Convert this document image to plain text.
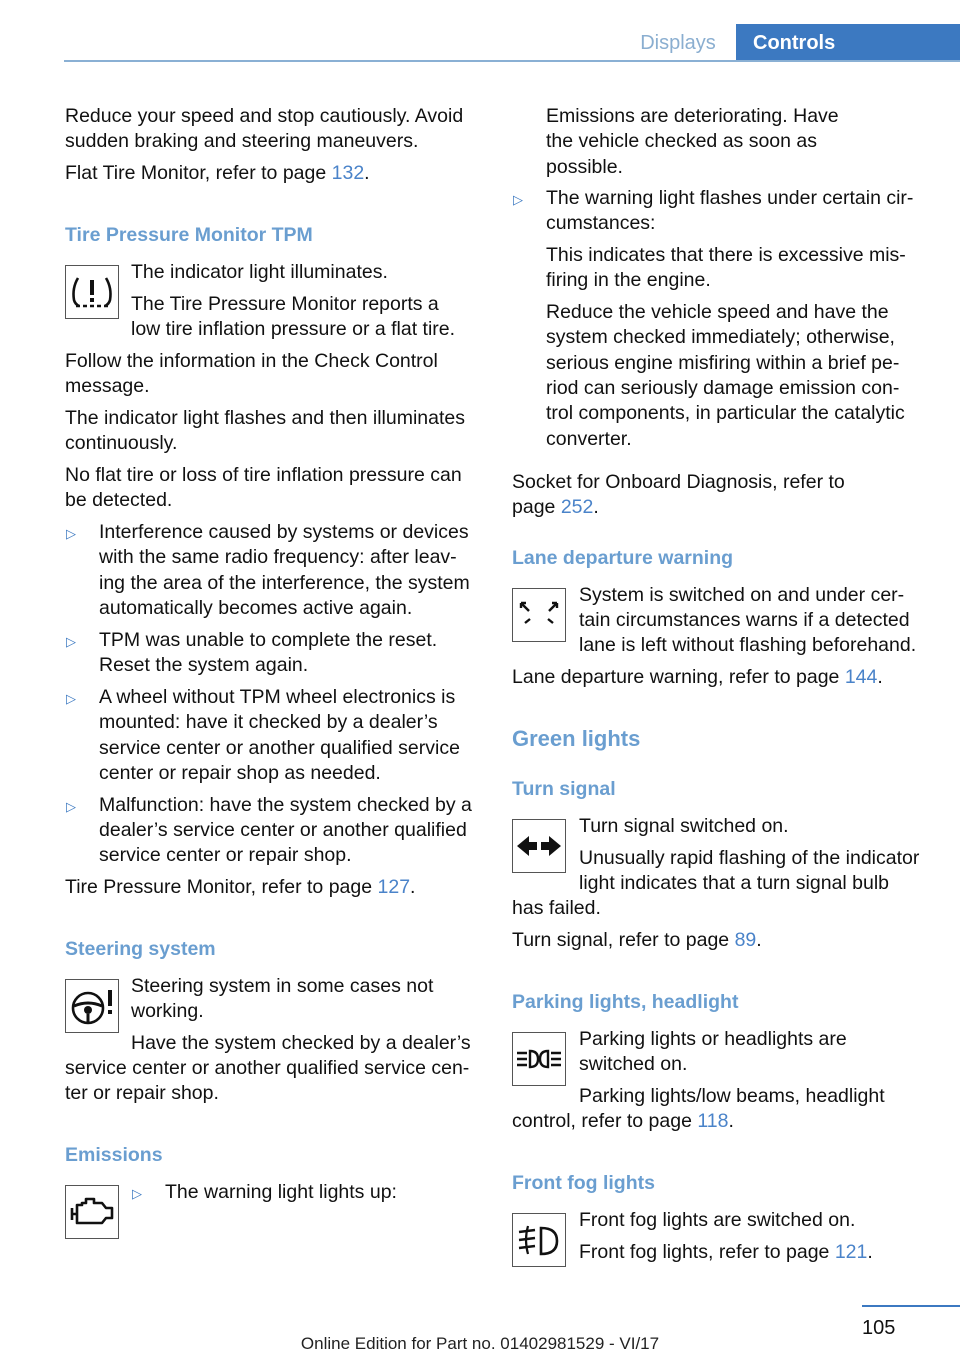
Displays	Controls
Reduce your speed and stop cautiously. Avoid
sudden braking and steering maneuvers.
Flat Tire Monitor, refer to page 132.
Tire Pressure Monitor TPM
The indicator light illuminates.
The Tire Pressure Monitor reports a
low tire inflation pressure or a flat tire.
Follow the information in the Check Control
message.
The indicator light flashes and then illuminates
continuously.
No flat tire or loss of tire inflation pressure can
be detected.
▷ Interference caused by systems or devices
with the same radio frequency: after leav-
ing the area of the interference, the system
automatically becomes active again.
▷ TPM was unable to complete the reset.
Reset the system again.
▷ A wheel without TPM wheel electronics is
mounted: have it checked by a dealer’s
service center or another qualified service
center or repair shop as needed.
▷ Malfunction: have the system checked by a
dealer’s service center or another qualified
service center or repair shop.
Tire Pressure Monitor, refer to page 127.
Steering system
Steering system in some cases not
working.
Have the system checked by a dealer’s
service center or another qualified service cen-
ter or repair shop.
Emissions
▷ The warning light lights up:
Emissions are deteriorating. Have
the vehicle checked as soon as
possible.
▷ The warning light flashes under certain cir-
cumstances:
This indicates that there is excessive mis-
firing in the engine.
Reduce the vehicle speed and have the
system checked immediately; otherwise,
serious engine misfiring within a brief pe-
riod can seriously damage emission con-
trol components, in particular the catalytic
converter.
Socket for Onboard Diagnosis, refer to
page 252.
Lane departure warning
System is switched on and under cer-
tain circumstances warns if a detected
lane is left without flashing beforehand.
Lane departure warning, refer to page 144.
Green lights
Turn signal
Turn signal switched on.
Unusually rapid flashing of the indicator
light indicates that a turn signal bulb
has failed.
Turn signal, refer to page 89.
Parking lights, headlight
Parking lights or headlights are
switched on.
Parking lights/low beams, headlight
control, refer to page 118.
Front fog lights
Front fog lights are switched on.
Front fog lights, refer to page 121.
105
Online Edition for Part no. 01402981529 - VI/17
